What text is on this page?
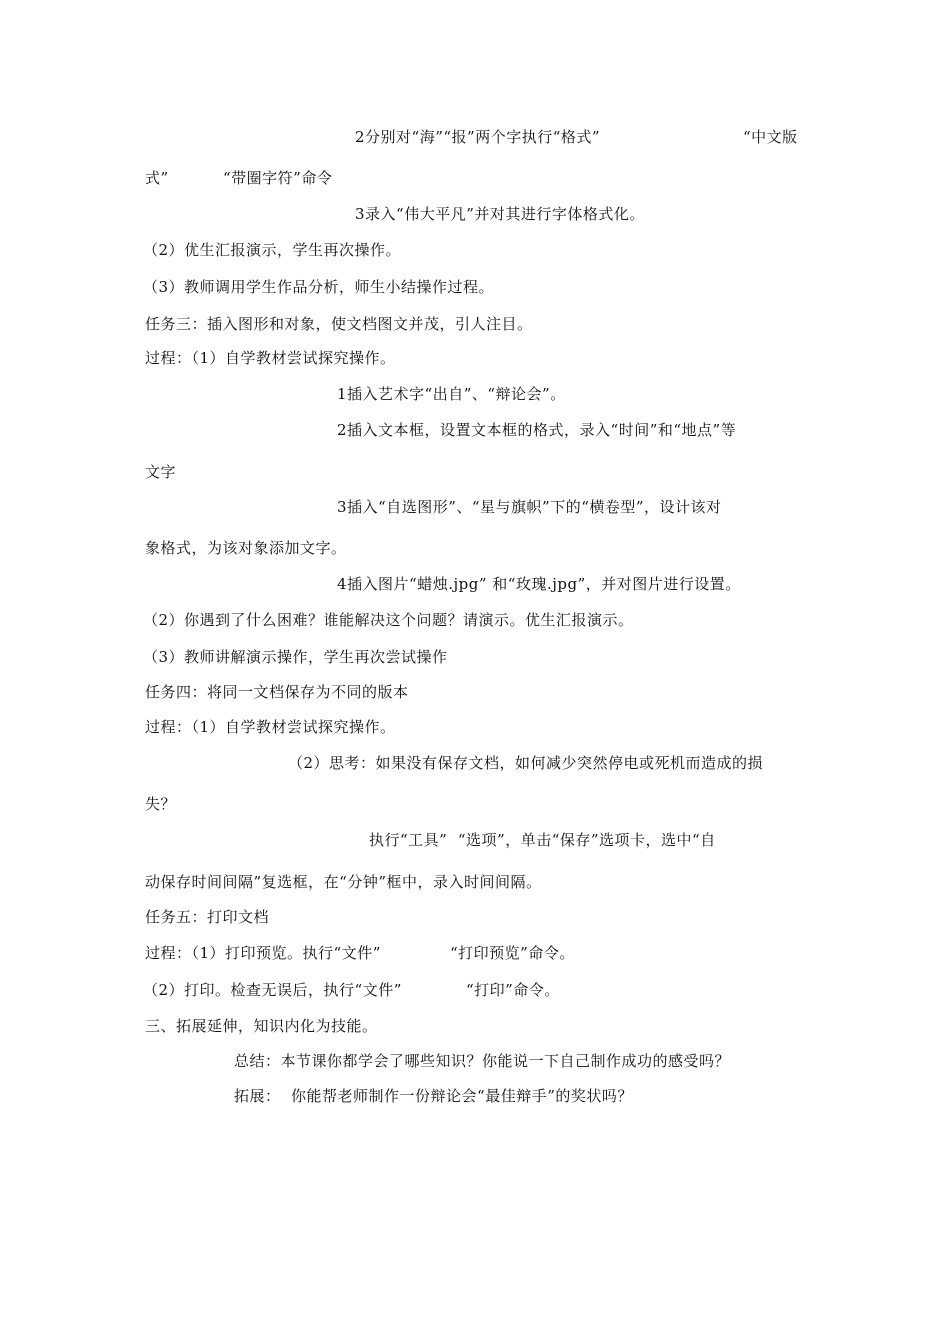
2分别对“海”“报”两个字执行“格式”	“中文版
式”	“带圈字符”命令
3录入“伟大平凡”并对其进行字体格式化。
（2）优生汇报演示，学生再次操作。
（3）教师调用学生作品分析，师生小结操作过程。
任务三：插入图形和对象，使文档图文并茂，引人注目。
过程：（1）自学教材尝试探究操作。
1插入艺术字“出自”、“辩论会”。
2插入文本框，设置文本框的格式，录入“时间”和“地点”等
文字
3插入“自选图形”、“星与旗帜”下的“横卷型”，设计该对
象格式，为该对象添加文字。
4插入图片“蜡烛.jpg” 和“玫瑰.jpg”，并对图片进行设置。
（2）你遇到了什么困难？谁能解决这个问题？请演示。优生汇报演示。
（3）教师讲解演示操作，学生再次尝试操作
任务四：将同一文档保存为不同的版本
过程：（1）自学教材尝试探究操作。
（2）思考：如果没有保存文档，如何减少突然停电或死机而造成的损
失？
执行“工具”  “选项”，单击“保存”选项卡，选中“自
动保存时间间隔”复选框，在“分钟”框中，录入时间间隔。
任务五：打印文档
过程：（1）打印预览。执行“文件”	“打印预览”命令。
（2）打印。检查无误后，执行“文件”	“打印”命令。
三、拓展延伸，知识内化为技能。
总结：本节课你都学会了哪些知识？你能说一下自己制作成功的感受吗？
拓展：  你能帮老师制作一份辩论会“最佳辩手”的奖状吗？
